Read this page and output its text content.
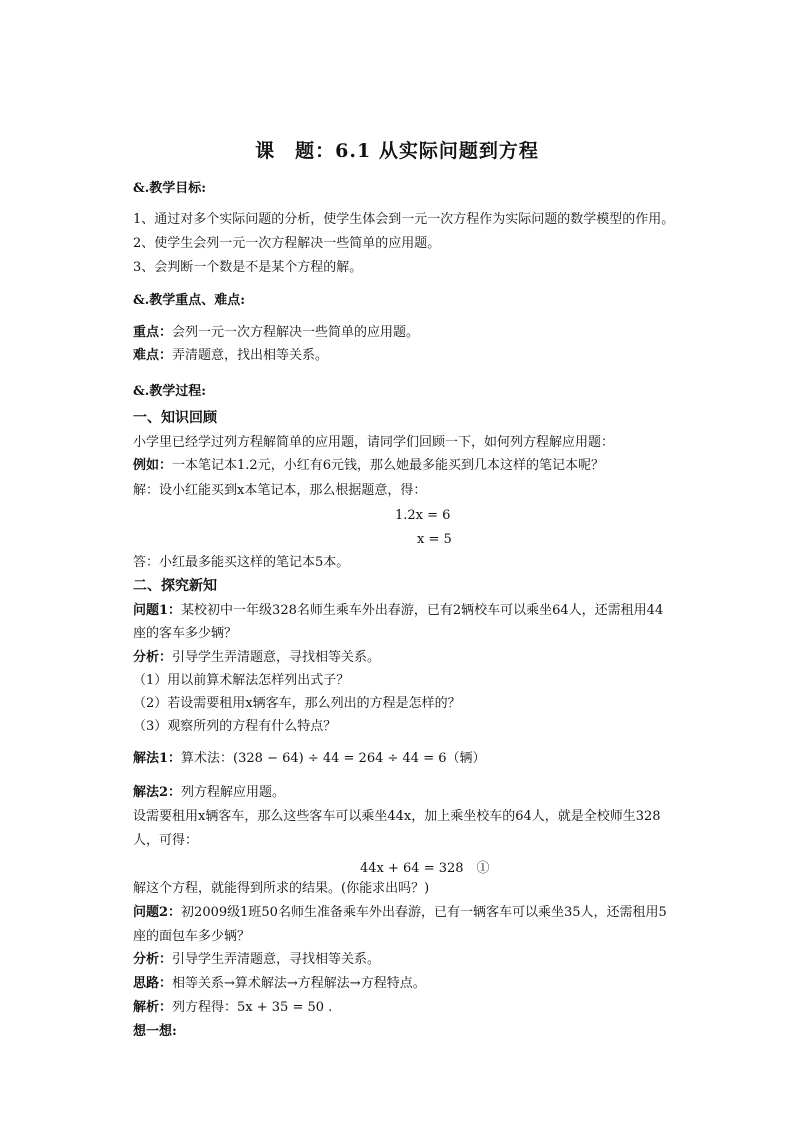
课　题：6.1 从实际问题到方程
&.教学目标:
1、通过对多个实际问题的分析，使学生体会到一元一次方程作为实际问题的数学模型的作用。
2、使学生会列一元一次方程解决一些简单的应用题。
3、会判断一个数是不是某个方程的解。
&.教学重点、难点:
重点：会列一元一次方程解决一些简单的应用题。
难点：弄清题意，找出相等关系。
&.教学过程:
一、知识回顾
小学里已经学过列方程解简单的应用题，请同学们回顾一下，如何列方程解应用题：
例如：一本笔记本1.2元，小红有6元钱，那么她最多能买到几本这样的笔记本呢？
解：设小红能买到x本笔记本，那么根据题意，得：
1.2x = 6
x = 5
答：小红最多能买这样的笔记本5本。
二、探究新知
问题1：某校初中一年级328名师生乘车外出春游，已有2辆校车可以乘坐64人，还需租用44
座的客车多少辆？
分析：引导学生弄清题意，寻找相等关系。
（1）用以前算术解法怎样列出式子？
（2）若设需要租用x辆客车，那么列出的方程是怎样的？
（3）观察所列的方程有什么特点？
解法1：算术法：(328 − 64) ÷ 44 = 264 ÷ 44 = 6（辆）
解法2：列方程解应用题。
设需要租用x辆客车，那么这些客车可以乘坐44x，加上乘坐校车的64人，就是全校师生328
人，可得：
44x + 64 = 328　①
解这个方程，就能得到所求的结果。(你能求出吗？)
问题2：初2009级1班50名师生准备乘车外出春游，已有一辆客车可以乘坐35人，还需租用5
座的面包车多少辆？
分析：引导学生弄清题意，寻找相等关系。
思路：相等关系→算术解法→方程解法→方程特点。
解析：列方程得：5x + 35 = 50 .
想一想:
